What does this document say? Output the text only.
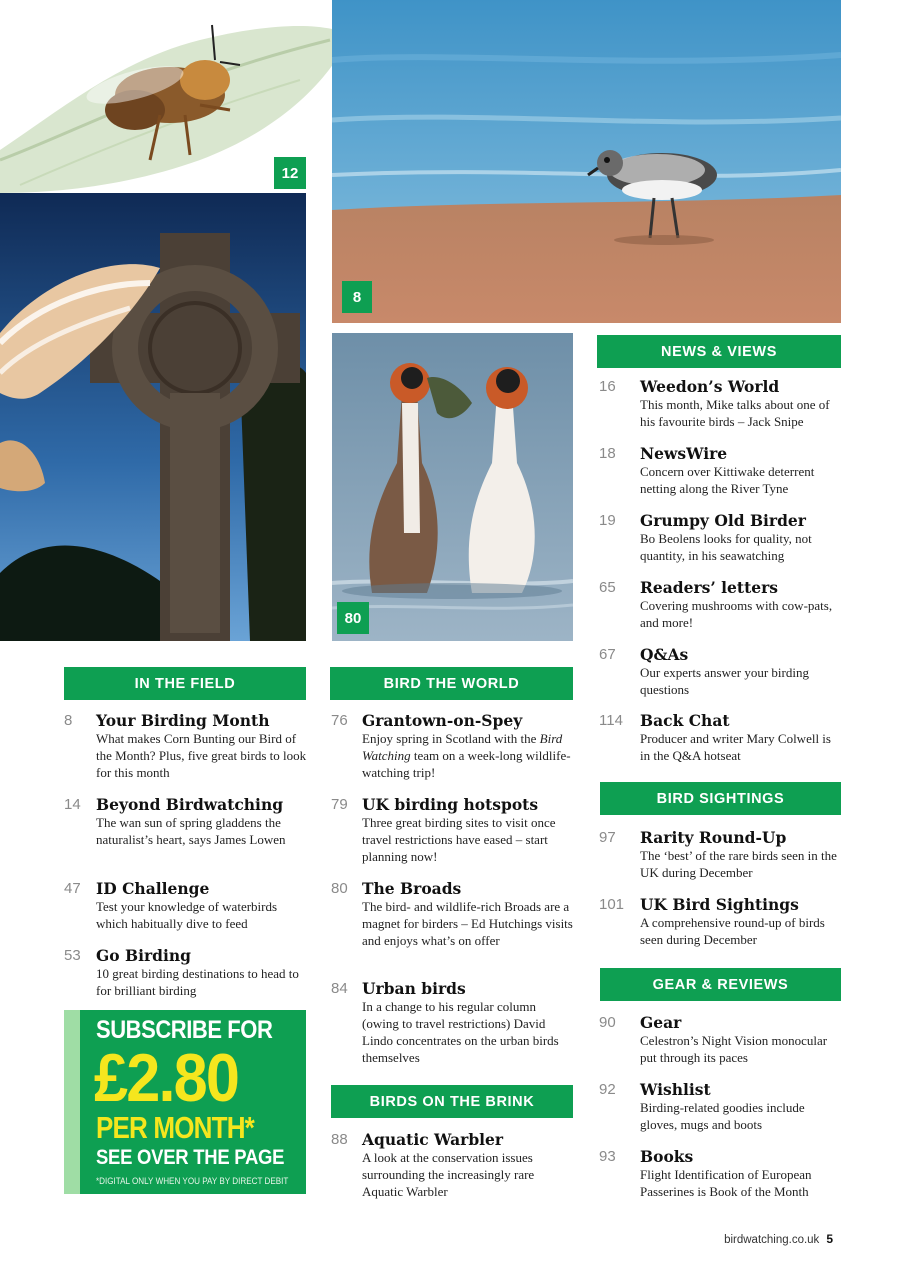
12
8
80
IN THE FIELD
8	Your Birding Month
What makes Corn Bunting our Bird of the Month? Plus, five great birds to look for this month
14 Beyond Birdwatching
The wan sun of spring gladdens the naturalist’s heart, says James Lowen
47 ID Challenge
Test your knowledge of waterbirds which habitually dive to feed
53 Go Birding
10 great birding destinations to head to for brilliant birding
SUBSCRIBE FOR
£2.80
PER MONTH*
SEE OVER THE PAGE
*DIGITAL ONLY WHEN YOU PAY BY DIRECT DEBIT
BIRD THE WORLD
76 Grantown-on-Spey
Enjoy spring in Scotland with the Bird Watching team on a week-long wildlife-watching trip!
79 UK birding hotspots
Three great birding sites to visit once travel restrictions have eased – start planning now!
80 The Broads
The bird- and wildlife-rich Broads are a magnet for birders – Ed Hutchings visits and enjoys what’s on offer
84 Urban birds
In a change to his regular column (owing to travel restrictions) David Lindo concentrates on the urban birds themselves
BIRDS ON THE BRINK
88 Aquatic Warbler
A look at the conservation issues surrounding the increasingly rare Aquatic Warbler
NEWS & VIEWS
16	Weedon’s World
This month, Mike talks about one of his favourite birds – Jack Snipe
18	NewsWire
Concern over Kittiwake deterrent netting along the River Tyne
19	Grumpy Old Birder
Bo Beolens looks for quality, not quantity, in his seawatching
65	Readers’ letters
Covering mushrooms with cow-pats, and more!
67	Q&As
Our experts answer your birding questions
114	Back Chat
Producer and writer Mary Colwell is in the Q&A hotseat
BIRD SIGHTINGS
97	Rarity Round-Up
The ‘best’ of the rare birds seen in the UK during December
101	UK Bird Sightings
A comprehensive round-up of birds seen during December
GEAR & REVIEWS
90	Gear
Celestron’s Night Vision monocular put through its paces
92	Wishlist
Birding-related goodies include gloves, mugs and boots
93	Books
Flight Identification of European Passerines is Book of the Month
birdwatching.co.uk 5
